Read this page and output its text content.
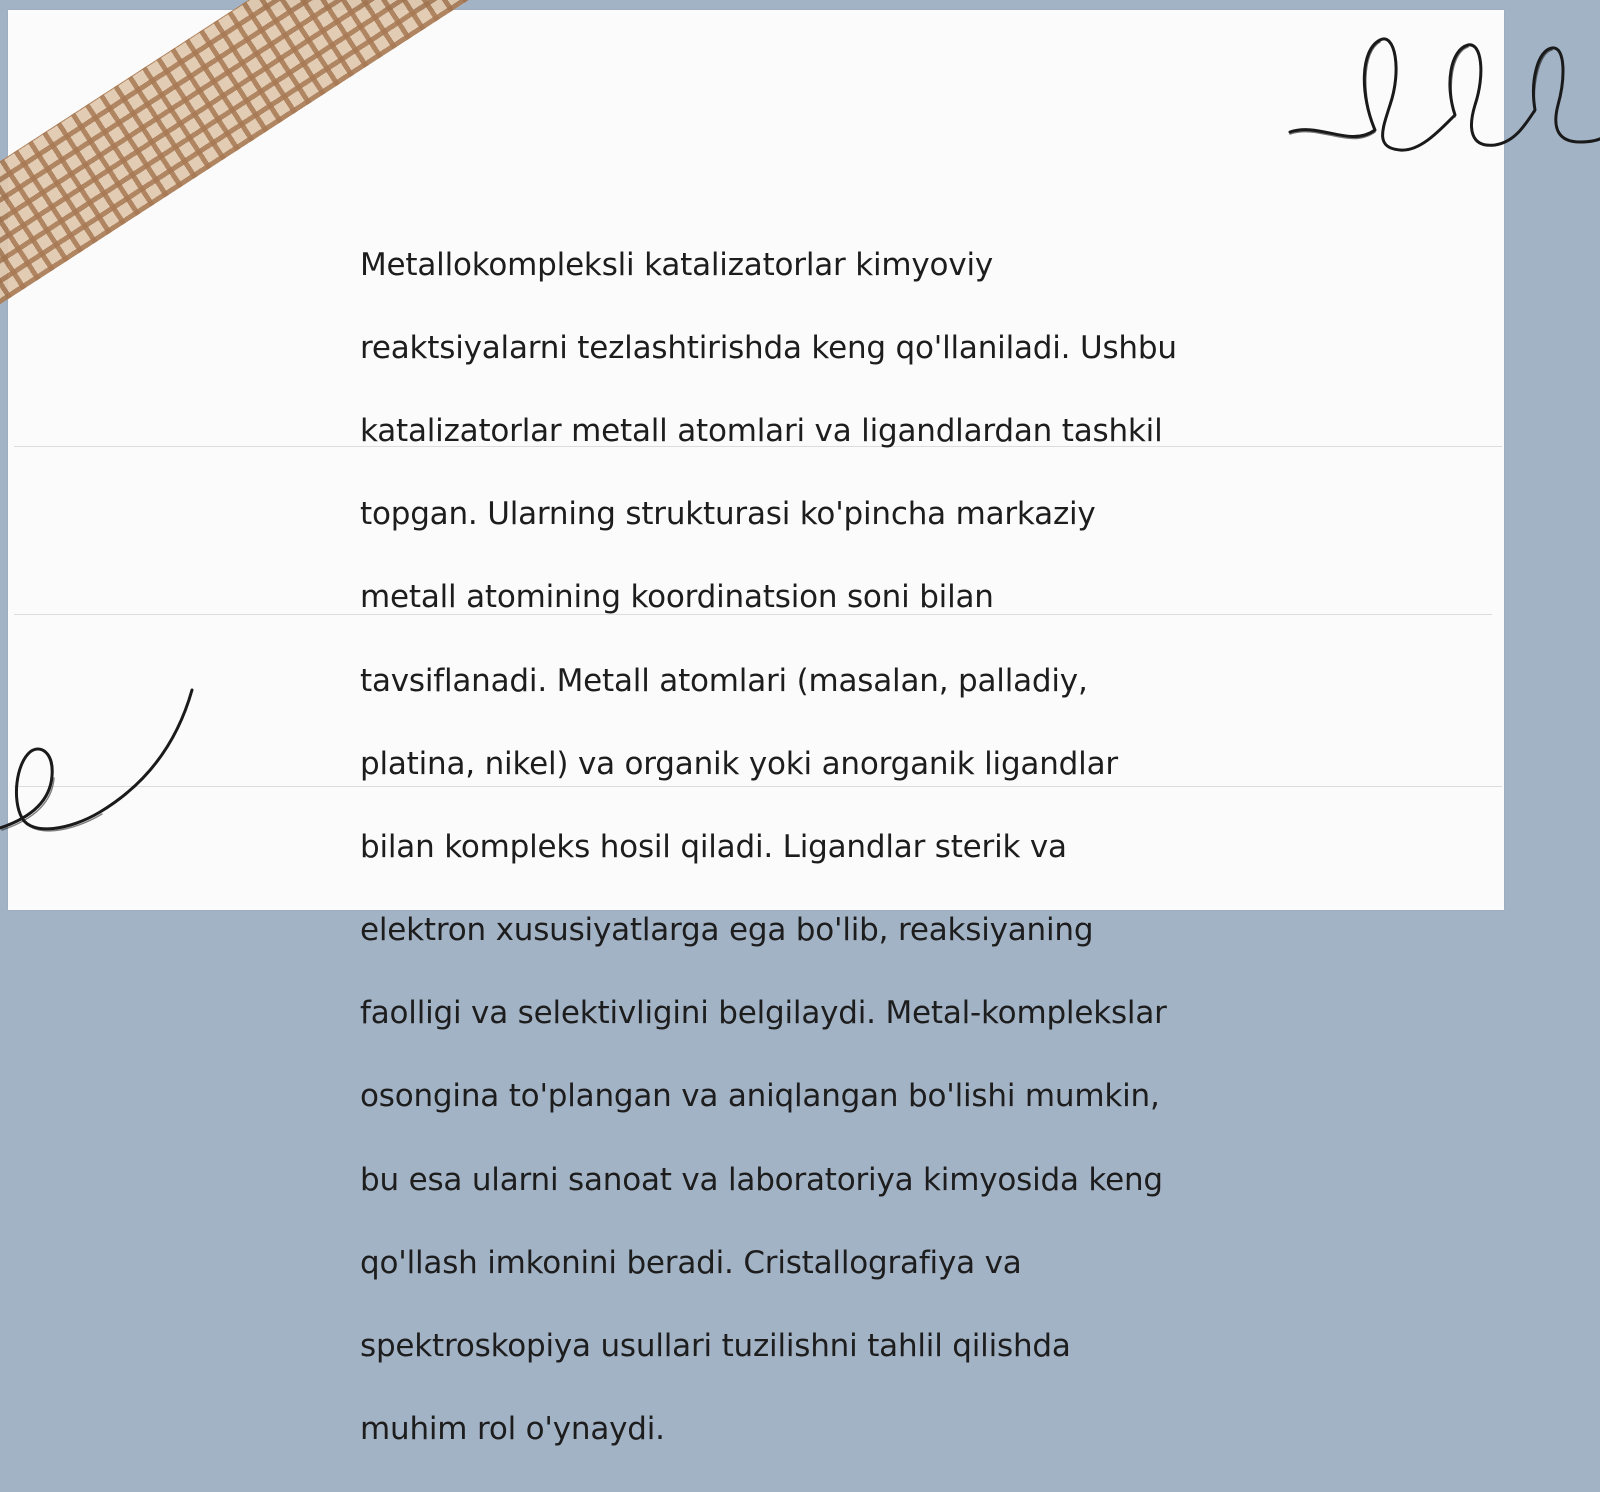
Metallokompleksli katalizatorlar kimyoviy

reaktsiyalarni tezlashtirishda keng qo'llaniladi. Ushbu

katalizatorlar metall atomlari va ligandlardan tashkil

topgan. Ularning strukturasi ko'pincha markaziy

metall atomining koordinatsion soni bilan

tavsiflanadi. Metall atomlari (masalan, palladiy,

platina, nikel) va organik yoki anorganik ligandlar

bilan kompleks hosil qiladi. Ligandlar sterik va

elektron xususiyatlarga ega bo'lib, reaksiyaning

faolligi va selektivligini belgilaydi. Metal-komplekslar

osongina to'plangan va aniqlangan bo'lishi mumkin,

bu esa ularni sanoat va laboratoriya kimyosida keng

qo'llash imkonini beradi. Cristallografiya va

spektroskopiya usullari tuzilishni tahlil qilishda

muhim rol o'ynaydi.
